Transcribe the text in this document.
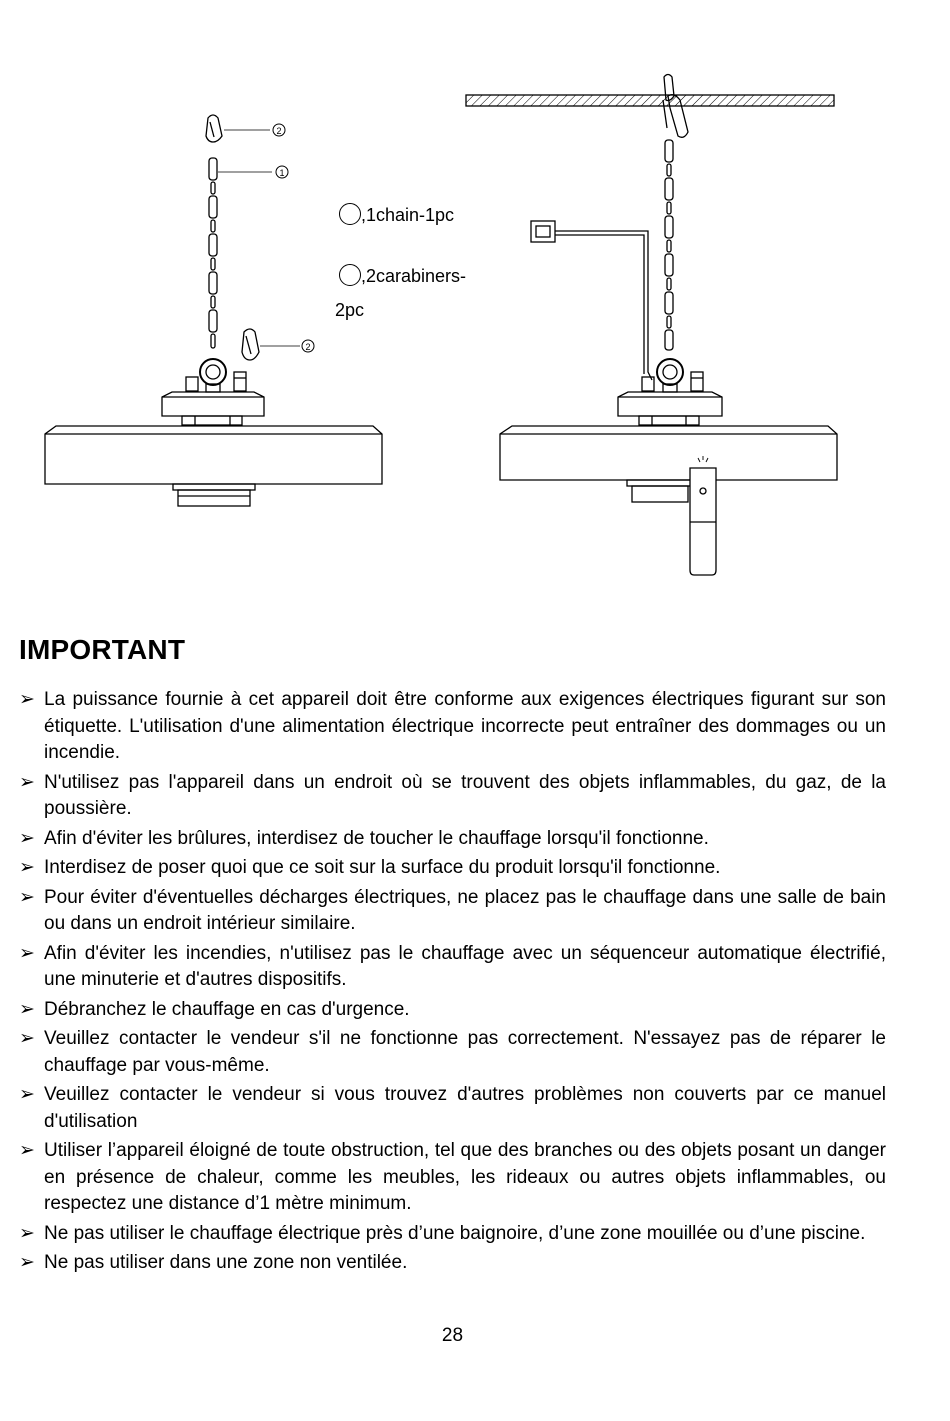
2
1
2
,1chain-1pc
,2carabiners-
2pc
IMPORTANT
➢ La puissance fournie à cet appareil doit être conforme aux exigences électriques figurant sur son étiquette. L'utilisation d'une alimentation électrique incorrecte peut entraîner des dommages ou un incendie.
➢ N'utilisez pas l'appareil dans un endroit où se trouvent des objets inflammables, du gaz, de la poussière.
➢ Afin d'éviter les brûlures, interdisez de toucher le chauffage lorsqu'il fonctionne.
➢ Interdisez de poser quoi que ce soit sur la surface du produit lorsqu'il fonctionne.
➢ Pour éviter d'éventuelles décharges électriques, ne placez pas le chauffage dans une salle de bain ou dans un endroit intérieur similaire.
➢ Afin d'éviter les incendies, n'utilisez pas le chauffage avec un séquenceur automatique électrifié, une minuterie et d'autres dispositifs.
➢ Débranchez le chauffage en cas d'urgence.
➢ Veuillez contacter le vendeur s'il ne fonctionne pas correctement. N'essayez pas de réparer le chauffage par vous-même.
➢ Veuillez contacter le vendeur si vous trouvez d'autres problèmes non couverts par ce manuel d'utilisation
➢ Utiliser l’appareil éloigné de toute obstruction, tel que des branches ou des objets posant un danger en présence de chaleur, comme les meubles, les rideaux ou autres objets inflammables, ou respectez une distance d’1 mètre minimum.
➢ Ne pas utiliser le chauffage électrique près d’une baignoire, d’une zone mouillée ou d’une piscine.
➢ Ne pas utiliser dans une zone non ventilée.
28
